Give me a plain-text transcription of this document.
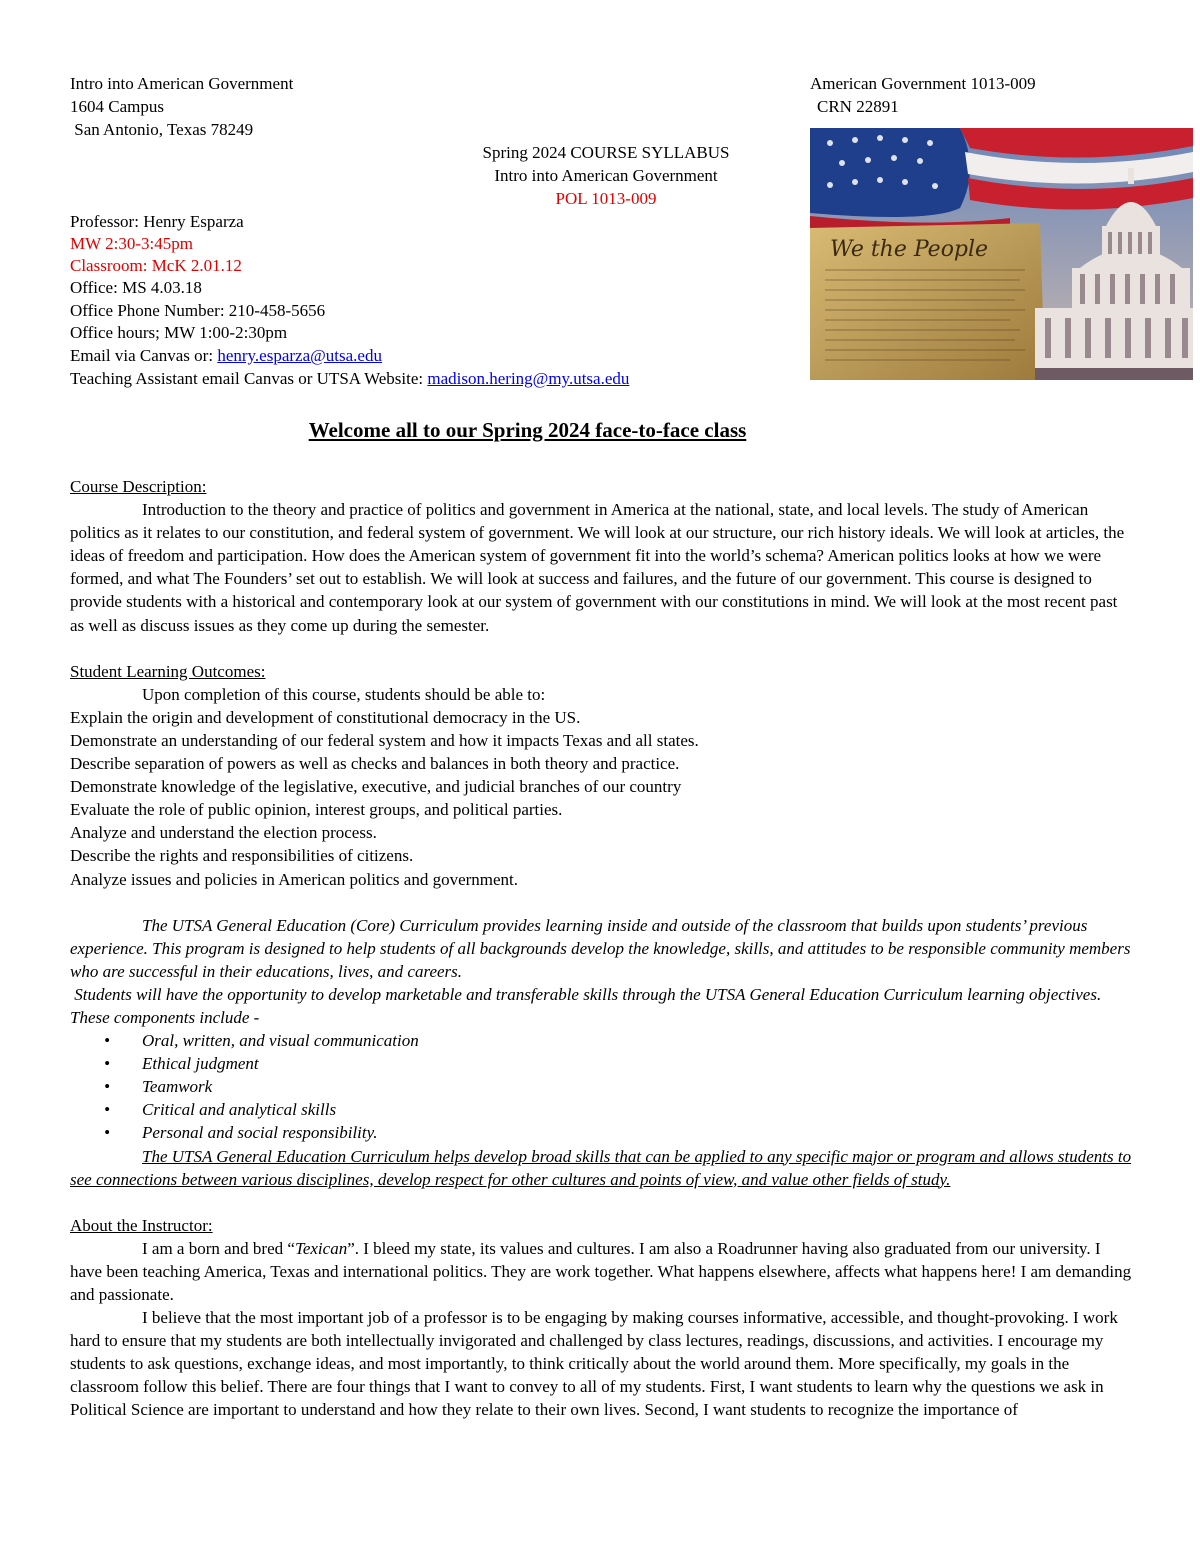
Intro into American Government
1604 Campus
San Antonio, Texas 78249
American Government 1013-009
CRN 22891
Spring 2024 COURSE SYLLABUS
Intro into American Government
POL 1013-009
Professor: Henry Esparza
MW 2:30-3:45pm
Classroom: McK 2.01.12
Office: MS 4.03.18
Office Phone Number: 210-458-5656
Office hours; MW 1:00-2:30pm
Email via Canvas or: henry.esparza@utsa.edu
Teaching Assistant email Canvas or UTSA Website: madison.hering@my.utsa.edu
We the People
Welcome all to our Spring 2024 face-to-face class

Course Description:

Introduction to the theory and practice of politics and government in America at the national, state, and local levels. The study of American politics as it relates to our constitution, and federal system of government. We will look at our structure, our rich history ideals. We will look at articles, the ideas of freedom and participation. How does the American system of government fit into the world’s schema? American politics looks at how we were formed, and what The Founders’ set out to establish. We will look at success and failures, and the future of our government. This course is designed to provide students with a historical and contemporary look at our system of government with our constitutions in mind. We will look at the most recent past as well as discuss issues as they come up during the semester.

Student Learning Outcomes:

Upon completion of this course, students should be able to:

Explain the origin and development of constitutional democracy in the US.

Demonstrate an understanding of our federal system and how it impacts Texas and all states.

Describe separation of powers as well as checks and balances in both theory and practice.

Demonstrate knowledge of the legislative, executive, and judicial branches of our country

Evaluate the role of public opinion, interest groups, and political parties.

Analyze and understand the election process.

Describe the rights and responsibilities of citizens.

Analyze issues and policies in American politics and government.

The UTSA General Education (Core) Curriculum provides learning inside and outside of the classroom that builds upon students’ previous experience. This program is designed to help students of all backgrounds develop the knowledge, skills, and attitudes to be responsible community members who are successful in their educations, lives, and careers.

Students will have the opportunity to develop marketable and transferable skills through the UTSA General Education Curriculum learning objectives. These components include -

• Oral, written, and visual communication
• Ethical judgment
• Teamwork
• Critical and analytical skills
• Personal and social responsibility.

The UTSA General Education Curriculum helps develop broad skills that can be applied to any specific major or program and allows students to see connections between various disciplines, develop respect for other cultures and points of view, and value other fields of study.

About the Instructor:

I am a born and bred “Texican”. I bleed my state, its values and cultures. I am also a Roadrunner having also graduated from our university. I have been teaching America, Texas and international politics. They are work together. What happens elsewhere, affects what happens here! I am demanding and passionate.

I believe that the most important job of a professor is to be engaging by making courses informative, accessible, and thought-provoking. I work hard to ensure that my students are both intellectually invigorated and challenged by class lectures, readings, discussions, and activities. I encourage my students to ask questions, exchange ideas, and most importantly, to think critically about the world around them. More specifically, my goals in the classroom follow this belief. There are four things that I want to convey to all of my students. First, I want students to learn why the questions we ask in Political Science are important to understand and how they relate to their own lives. Second, I want students to recognize the importance of
